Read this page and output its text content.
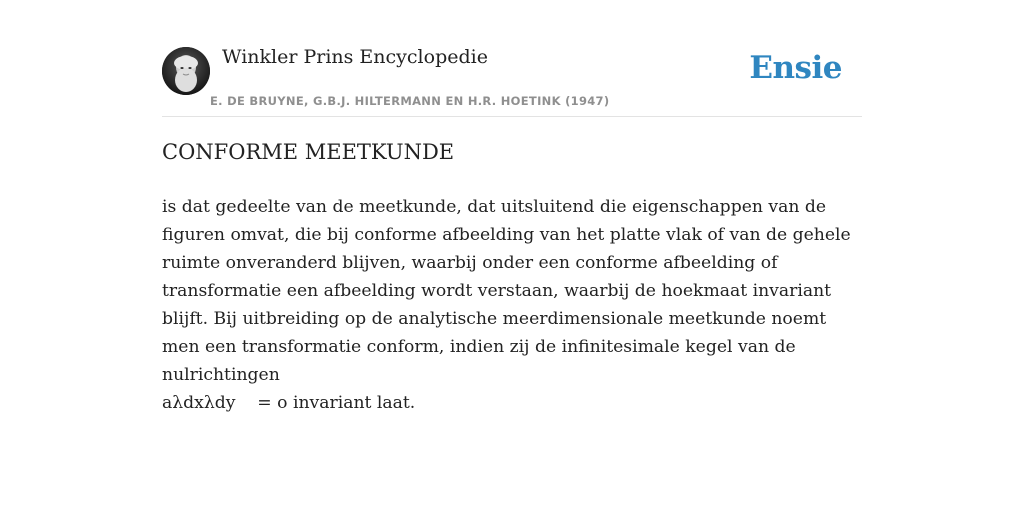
Winkler Prins Encyclopedie
E. DE BRUYNE, G.B.J. HILTERMANN EN H.R. HOETINK (1947)
Ensie
CONFORME MEETKUNDE

is dat gedeelte van de meetkunde, dat uitsluitend die eigenschappen van de figuren omvat, die bij conforme afbeelding van het platte vlak of van de gehele ruimte onveranderd blijven, waarbij onder een conforme afbeelding of transformatie een afbeelding wordt verstaan, waarbij de hoekmaat invariant blijft. Bij uitbreiding op de analytische meerdimensionale meetkunde noemt men een transformatie conform, indien zij de infinitesimale kegel van de nulrichtingen
aλdxλdy    = o invariant laat.
